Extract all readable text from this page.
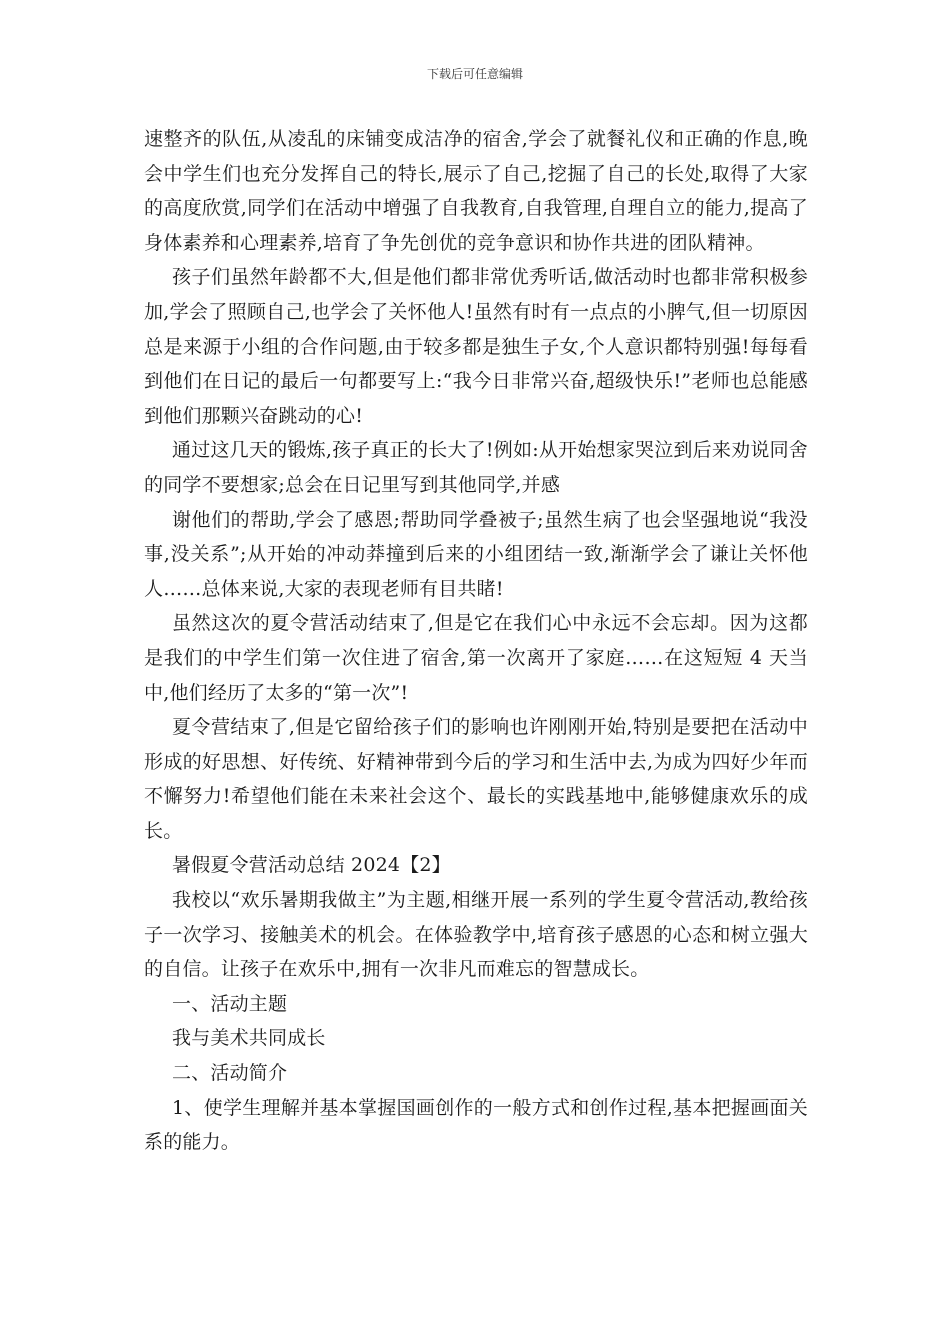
下载后可任意编辑

速整齐的队伍,从凌乱的床铺变成洁净的宿舍,学会了就餐礼仪和正确的作息,晚会中学生们也充分发挥自己的特长,展示了自己,挖掘了自己的长处,取得了大家的高度欣赏,同学们在活动中增强了自我教育,自我管理,自理自立的能力,提高了身体素养和心理素养,培育了争先创优的竞争意识和协作共进的团队精神。

孩子们虽然年龄都不大,但是他们都非常优秀听话,做活动时也都非常积极参加,学会了照顾自己,也学会了关怀他人!虽然有时有一点点的小脾气,但一切原因总是来源于小组的合作问题,由于较多都是独生子女,个人意识都特别强!每每看到他们在日记的最后一句都要写上:“我今日非常兴奋,超级快乐!”老师也总能感到他们那颗兴奋跳动的心!

通过这几天的锻炼,孩子真正的长大了!例如:从开始想家哭泣到后来劝说同舍的同学不要想家;总会在日记里写到其他同学,并感

谢他们的帮助,学会了感恩;帮助同学叠被子;虽然生病了也会坚强地说“我没事,没关系”;从开始的冲动莽撞到后来的小组团结一致,渐渐学会了谦让关怀他人……总体来说,大家的表现老师有目共睹!

虽然这次的夏令营活动结束了,但是它在我们心中永远不会忘却。因为这都是我们的中学生们第一次住进了宿舍,第一次离开了家庭……在这短短 4 天当中,他们经历了太多的“第一次”!

夏令营结束了,但是它留给孩子们的影响也许刚刚开始,特别是要把在活动中形成的好思想、好传统、好精神带到今后的学习和生活中去,为成为四好少年而不懈努力!希望他们能在未来社会这个、最长的实践基地中,能够健康欢乐的成长。

暑假夏令营活动总结 2024【2】

我校以“欢乐暑期我做主”为主题,相继开展一系列的学生夏令营活动,教给孩子一次学习、接触美术的机会。在体验教学中,培育孩子感恩的心态和树立强大的自信。让孩子在欢乐中,拥有一次非凡而难忘的智慧成长。

一、活动主题

我与美术共同成长

二、活动简介

1、使学生理解并基本掌握国画创作的一般方式和创作过程,基本把握画面关系的能力。
